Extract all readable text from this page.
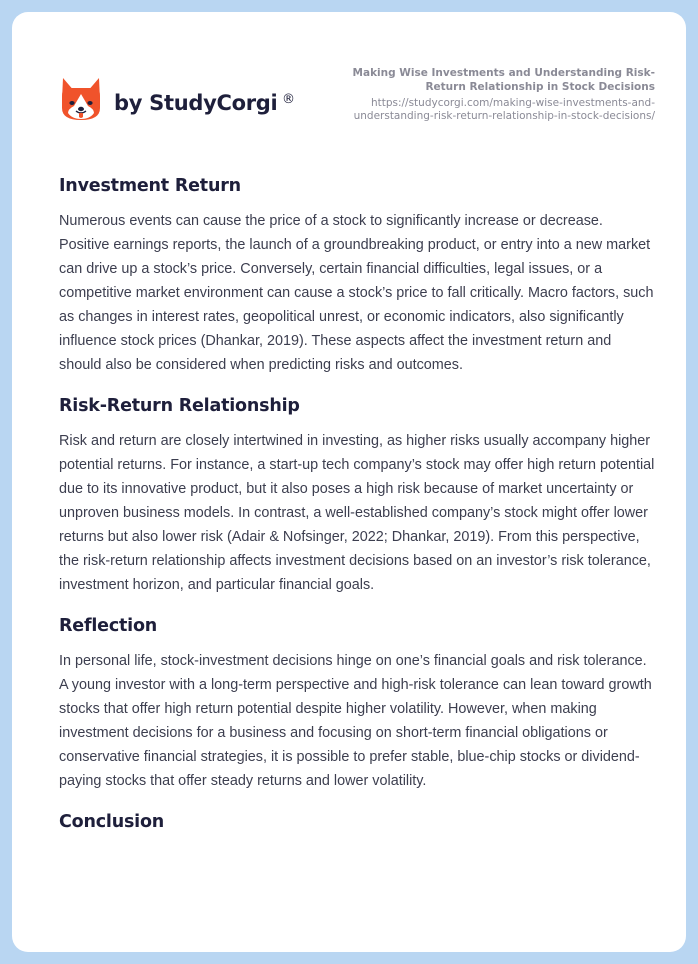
by StudyCorgi ®
Making Wise Investments and Understanding Risk-Return Relationship in Stock Decisions
https://studycorgi.com/making-wise-investments-and-understanding-risk-return-relationship-in-stock-decisions/
Investment Return

Numerous events can cause the price of a stock to significantly increase or decrease. Positive earnings reports, the launch of a groundbreaking product, or entry into a new market can drive up a stock’s price. Conversely, certain financial difficulties, legal issues, or a competitive market environment can cause a stock’s price to fall critically. Macro factors, such as changes in interest rates, geopolitical unrest, or economic indicators, also significantly influence stock prices (Dhankar, 2019). These aspects affect the investment return and should also be considered when predicting risks and outcomes.

Risk-Return Relationship

Risk and return are closely intertwined in investing, as higher risks usually accompany higher potential returns. For instance, a start-up tech company’s stock may offer high return potential due to its innovative product, but it also poses a high risk because of market uncertainty or unproven business models. In contrast, a well-established company’s stock might offer lower returns but also lower risk (Adair & Nofsinger, 2022; Dhankar, 2019). From this perspective, the risk-return relationship affects investment decisions based on an investor’s risk tolerance, investment horizon, and particular financial goals.

Reflection

In personal life, stock-investment decisions hinge on one’s financial goals and risk tolerance. A young investor with a long-term perspective and high-risk tolerance can lean toward growth stocks that offer high return potential despite higher volatility. However, when making investment decisions for a business and focusing on short-term financial obligations or conservative financial strategies, it is possible to prefer stable, blue-chip stocks or dividend-paying stocks that offer steady returns and lower volatility.

Conclusion
